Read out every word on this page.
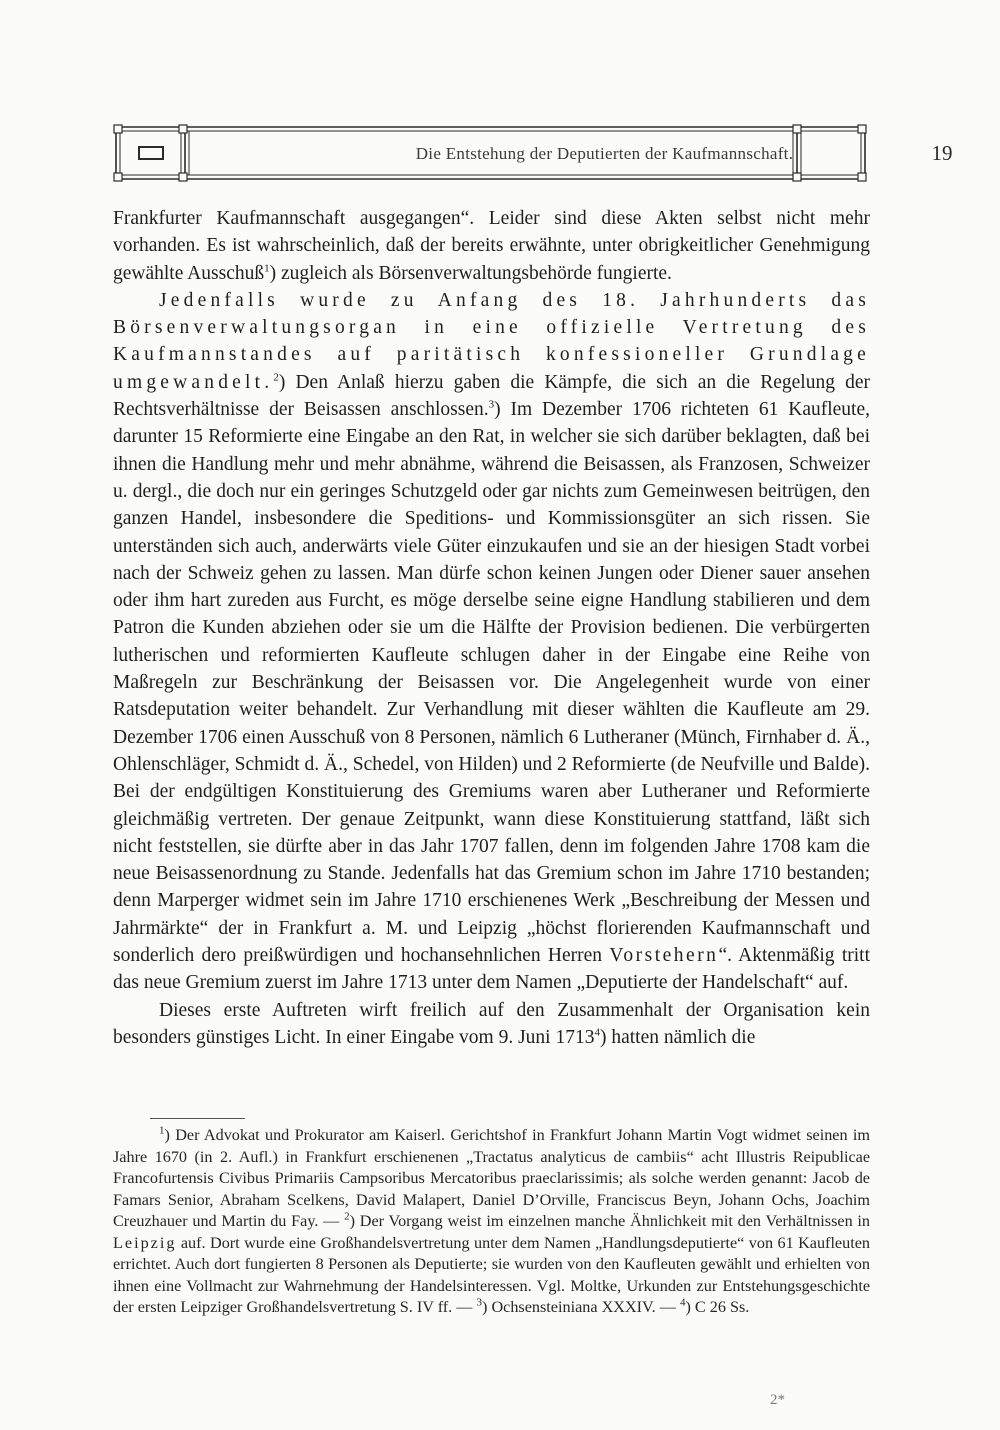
Die Entstehung der Deputierten der Kaufmannschaft.	19

Frankfurter Kaufmannschaft ausgegangen“. Leider sind diese Akten selbst nicht mehr vorhanden. Es ist wahrscheinlich, daß der bereits erwähnte, unter obrigkeitlicher Genehmigung gewählte Ausschuß$^1$) zugleich als Börsenverwaltungsbehörde fungierte.

Jedenfalls wurde zu Anfang des 18. Jahrhunderts das Börsenverwaltungsorgan in eine offizielle Vertretung des Kaufmannstandes auf paritätisch konfessioneller Grundlage umgewandelt.$^2$) Den Anlaß hierzu gaben die Kämpfe, die sich an die Regelung der Rechtsverhältnisse der Beisassen anschlossen.$^3$) Im Dezember 1706 richteten 61 Kaufleute, darunter 15 Reformierte eine Eingabe an den Rat, in welcher sie sich darüber beklagten, daß bei ihnen die Handlung mehr und mehr abnähme, während die Beisassen, als Franzosen, Schweizer u. dergl., die doch nur ein geringes Schutzgeld oder gar nichts zum Gemeinwesen beitrügen, den ganzen Handel, insbesondere die Speditions- und Kommissionsgüter an sich rissen. Sie unterständen sich auch, anderwärts viele Güter einzukaufen und sie an der hiesigen Stadt vorbei nach der Schweiz gehen zu lassen. Man dürfe schon keinen Jungen oder Diener sauer ansehen oder ihm hart zureden aus Furcht, es möge derselbe seine eigne Handlung stabilieren und dem Patron die Kunden abziehen oder sie um die Hälfte der Provision bedienen. Die verbürgerten lutherischen und reformierten Kaufleute schlugen daher in der Eingabe eine Reihe von Maßregeln zur Beschränkung der Beisassen vor. Die Angelegenheit wurde von einer Ratsdeputation weiter behandelt. Zur Verhandlung mit dieser wählten die Kaufleute am 29. Dezember 1706 einen Ausschuß von 8 Personen, nämlich 6 Lutheraner (Münch, Firnhaber d. Ä., Ohlenschläger, Schmidt d. Ä., Schedel, von Hilden) und 2 Reformierte (de Neufville und Balde). Bei der endgültigen Konstituierung des Gremiums waren aber Lutheraner und Reformierte gleichmäßig vertreten. Der genaue Zeitpunkt, wann diese Konstituierung stattfand, läßt sich nicht feststellen, sie dürfte aber in das Jahr 1707 fallen, denn im folgenden Jahre 1708 kam die neue Beisassenordnung zu Stande. Jedenfalls hat das Gremium schon im Jahre 1710 bestanden; denn Marperger widmet sein im Jahre 1710 erschienenes Werk „Beschreibung der Messen und Jahrmärkte“ der in Frankfurt a. M. und Leipzig „höchst florierenden Kaufmannschaft und sonderlich dero preißwürdigen und hochansehnlichen Herren Vorstehern“. Aktenmäßig tritt das neue Gremium zuerst im Jahre 1713 unter dem Namen „Deputierte der Handelschaft“ auf.

Dieses erste Auftreten wirft freilich auf den Zusammenhalt der Organisation kein besonders günstiges Licht. In einer Eingabe vom 9. Juni 1713$^4$) hatten nämlich die

$^1$) Der Advokat und Prokurator am Kaiserl. Gerichtshof in Frankfurt Johann Martin Vogt widmet seinen im Jahre 1670 (in 2. Aufl.) in Frankfurt erschienenen „Tractatus analyticus de cambiis“ acht Illustris Reipublicae Francofurtensis Civibus Primariis Campsoribus Mercatoribus praeclarissimis; als solche werden genannt: Jacob de Famars Senior, Abraham Scelkens, David Malapert, Daniel D’Orville, Franciscus Beyn, Johann Ochs, Joachim Creuzhauer und Martin du Fay. — $^2$) Der Vorgang weist im einzelnen manche Ähnlichkeit mit den Verhältnissen in Leipzig auf. Dort wurde eine Großhandelsvertretung unter dem Namen „Handlungsdeputierte“ von 61 Kaufleuten errichtet. Auch dort fungierten 8 Personen als Deputierte; sie wurden von den Kaufleuten gewählt und erhielten von ihnen eine Vollmacht zur Wahrnehmung der Handelsinteressen. Vgl. Moltke, Urkunden zur Entstehungsgeschichte der ersten Leipziger Großhandelsvertretung S. IV ff. — $^3$) Ochsensteiniana XXXIV. — $^4$) C 26 Ss.

2*
